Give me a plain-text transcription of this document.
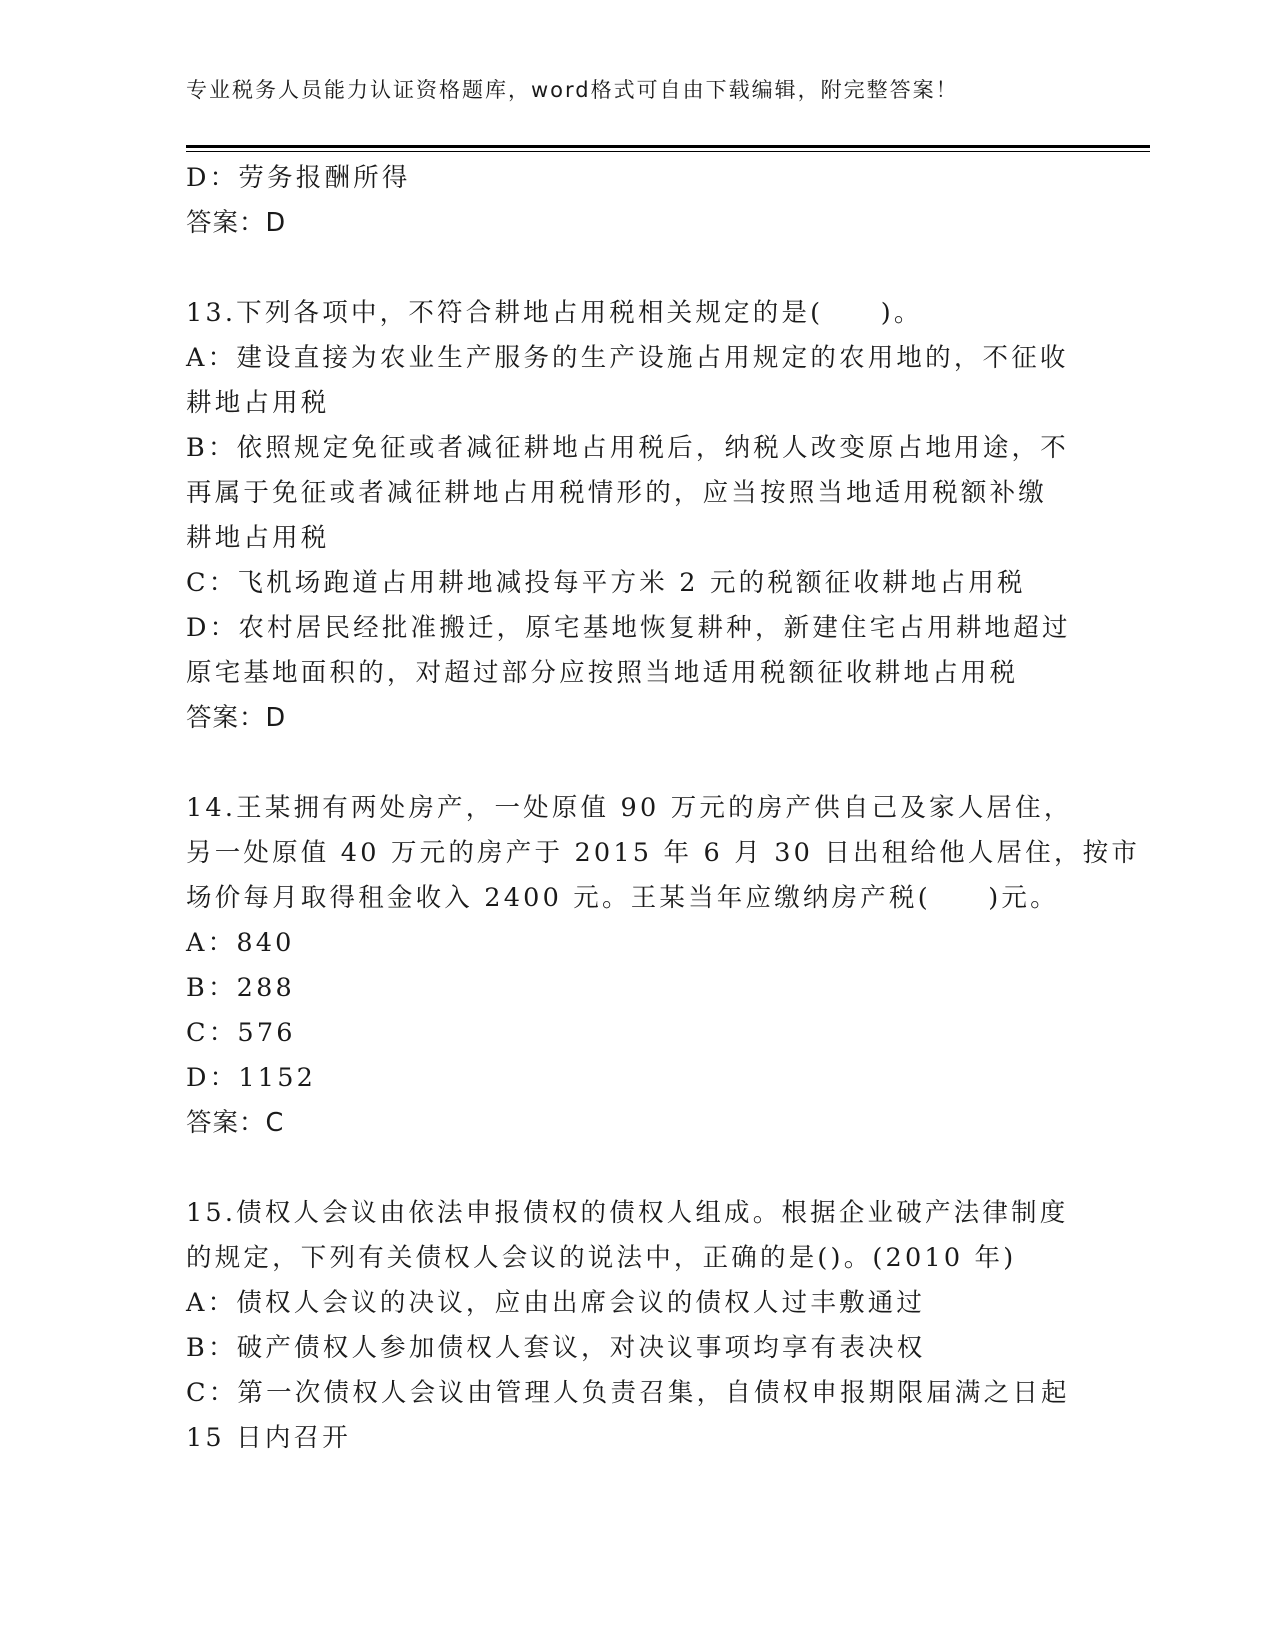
专业税务人员能力认证资格题库，word格式可自由下载编辑，附完整答案！

D：劳务报酬所得

答案：D

13.下列各项中，不符合耕地占用税相关规定的是(　　)。

A：建设直接为农业生产服务的生产设施占用规定的农用地的，不征收

耕地占用税

B：依照规定免征或者减征耕地占用税后，纳税人改变原占地用途，不

再属于免征或者减征耕地占用税情形的，应当按照当地适用税额补缴

耕地占用税

C：飞机场跑道占用耕地减投每平方米 2 元的税额征收耕地占用税

D：农村居民经批准搬迁，原宅基地恢复耕种，新建住宅占用耕地超过

原宅基地面积的，对超过部分应按照当地适用税额征收耕地占用税

答案：D

14.王某拥有两处房产，一处原值 90 万元的房产供自己及家人居住，

另一处原值 40 万元的房产于 2015 年 6 月 30 日出租给他人居住，按市

场价每月取得租金收入 2400 元。王某当年应缴纳房产税(　　)元。

A：840

B：288

C：576

D：1152

答案：C

15.债权人会议由依法申报债权的债权人组成。根据企业破产法律制度

的规定，下列有关债权人会议的说法中，正确的是()。(2010 年)

A：债权人会议的决议，应由出席会议的债权人过丰敷通过

B：破产债权人参加债权人套议，对决议事项均享有表决权

C：第一次债权人会议由管理人负责召集，自债权申报期限届满之日起

15 日内召开
